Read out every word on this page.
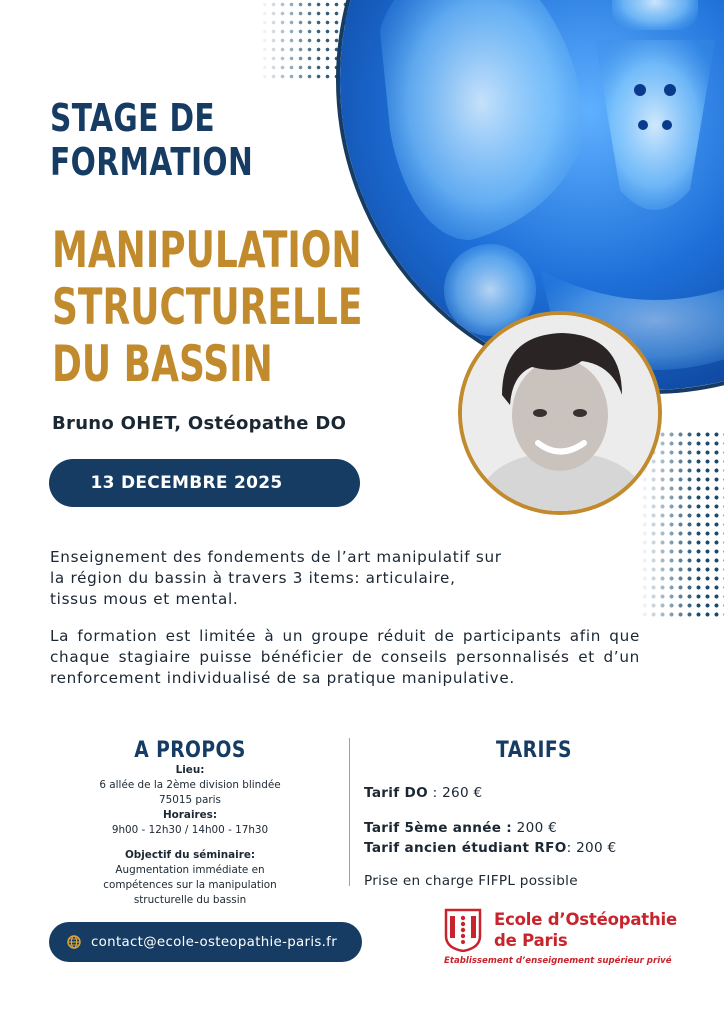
STAGE DE
FORMATION
MANIPULATION
STRUCTURELLE
DU BASSIN
Bruno OHET, Ostéopathe DO
13 DECEMBRE 2025
Enseignement des fondements de l’art manipulatif sur
la région du bassin à travers 3 items: articulaire,
tissus mous et mental.
La formation est limitée à un groupe réduit de participants afin que chaque stagiaire puisse bénéficier de conseils personnalisés et d’un renforcement individualisé de sa pratique manipulative.
A PROPOS
Lieu:
6 allée de la 2ème division blindée
75015 paris
Horaires:
9h00 - 12h30 / 14h00 - 17h30
Objectif du séminaire:
Augmentation immédiate en
compétences sur la manipulation
structurelle du bassin
TARIFS
Tarif DO : 260 €
Tarif 5ème année : 200 €
Tarif ancien étudiant RFO: 200 €
Prise en charge FIFPL possible
contact@ecole-osteopathie-paris.fr
Ecole d’Ostéopathie
de Paris
Etablissement d’enseignement supérieur privé
